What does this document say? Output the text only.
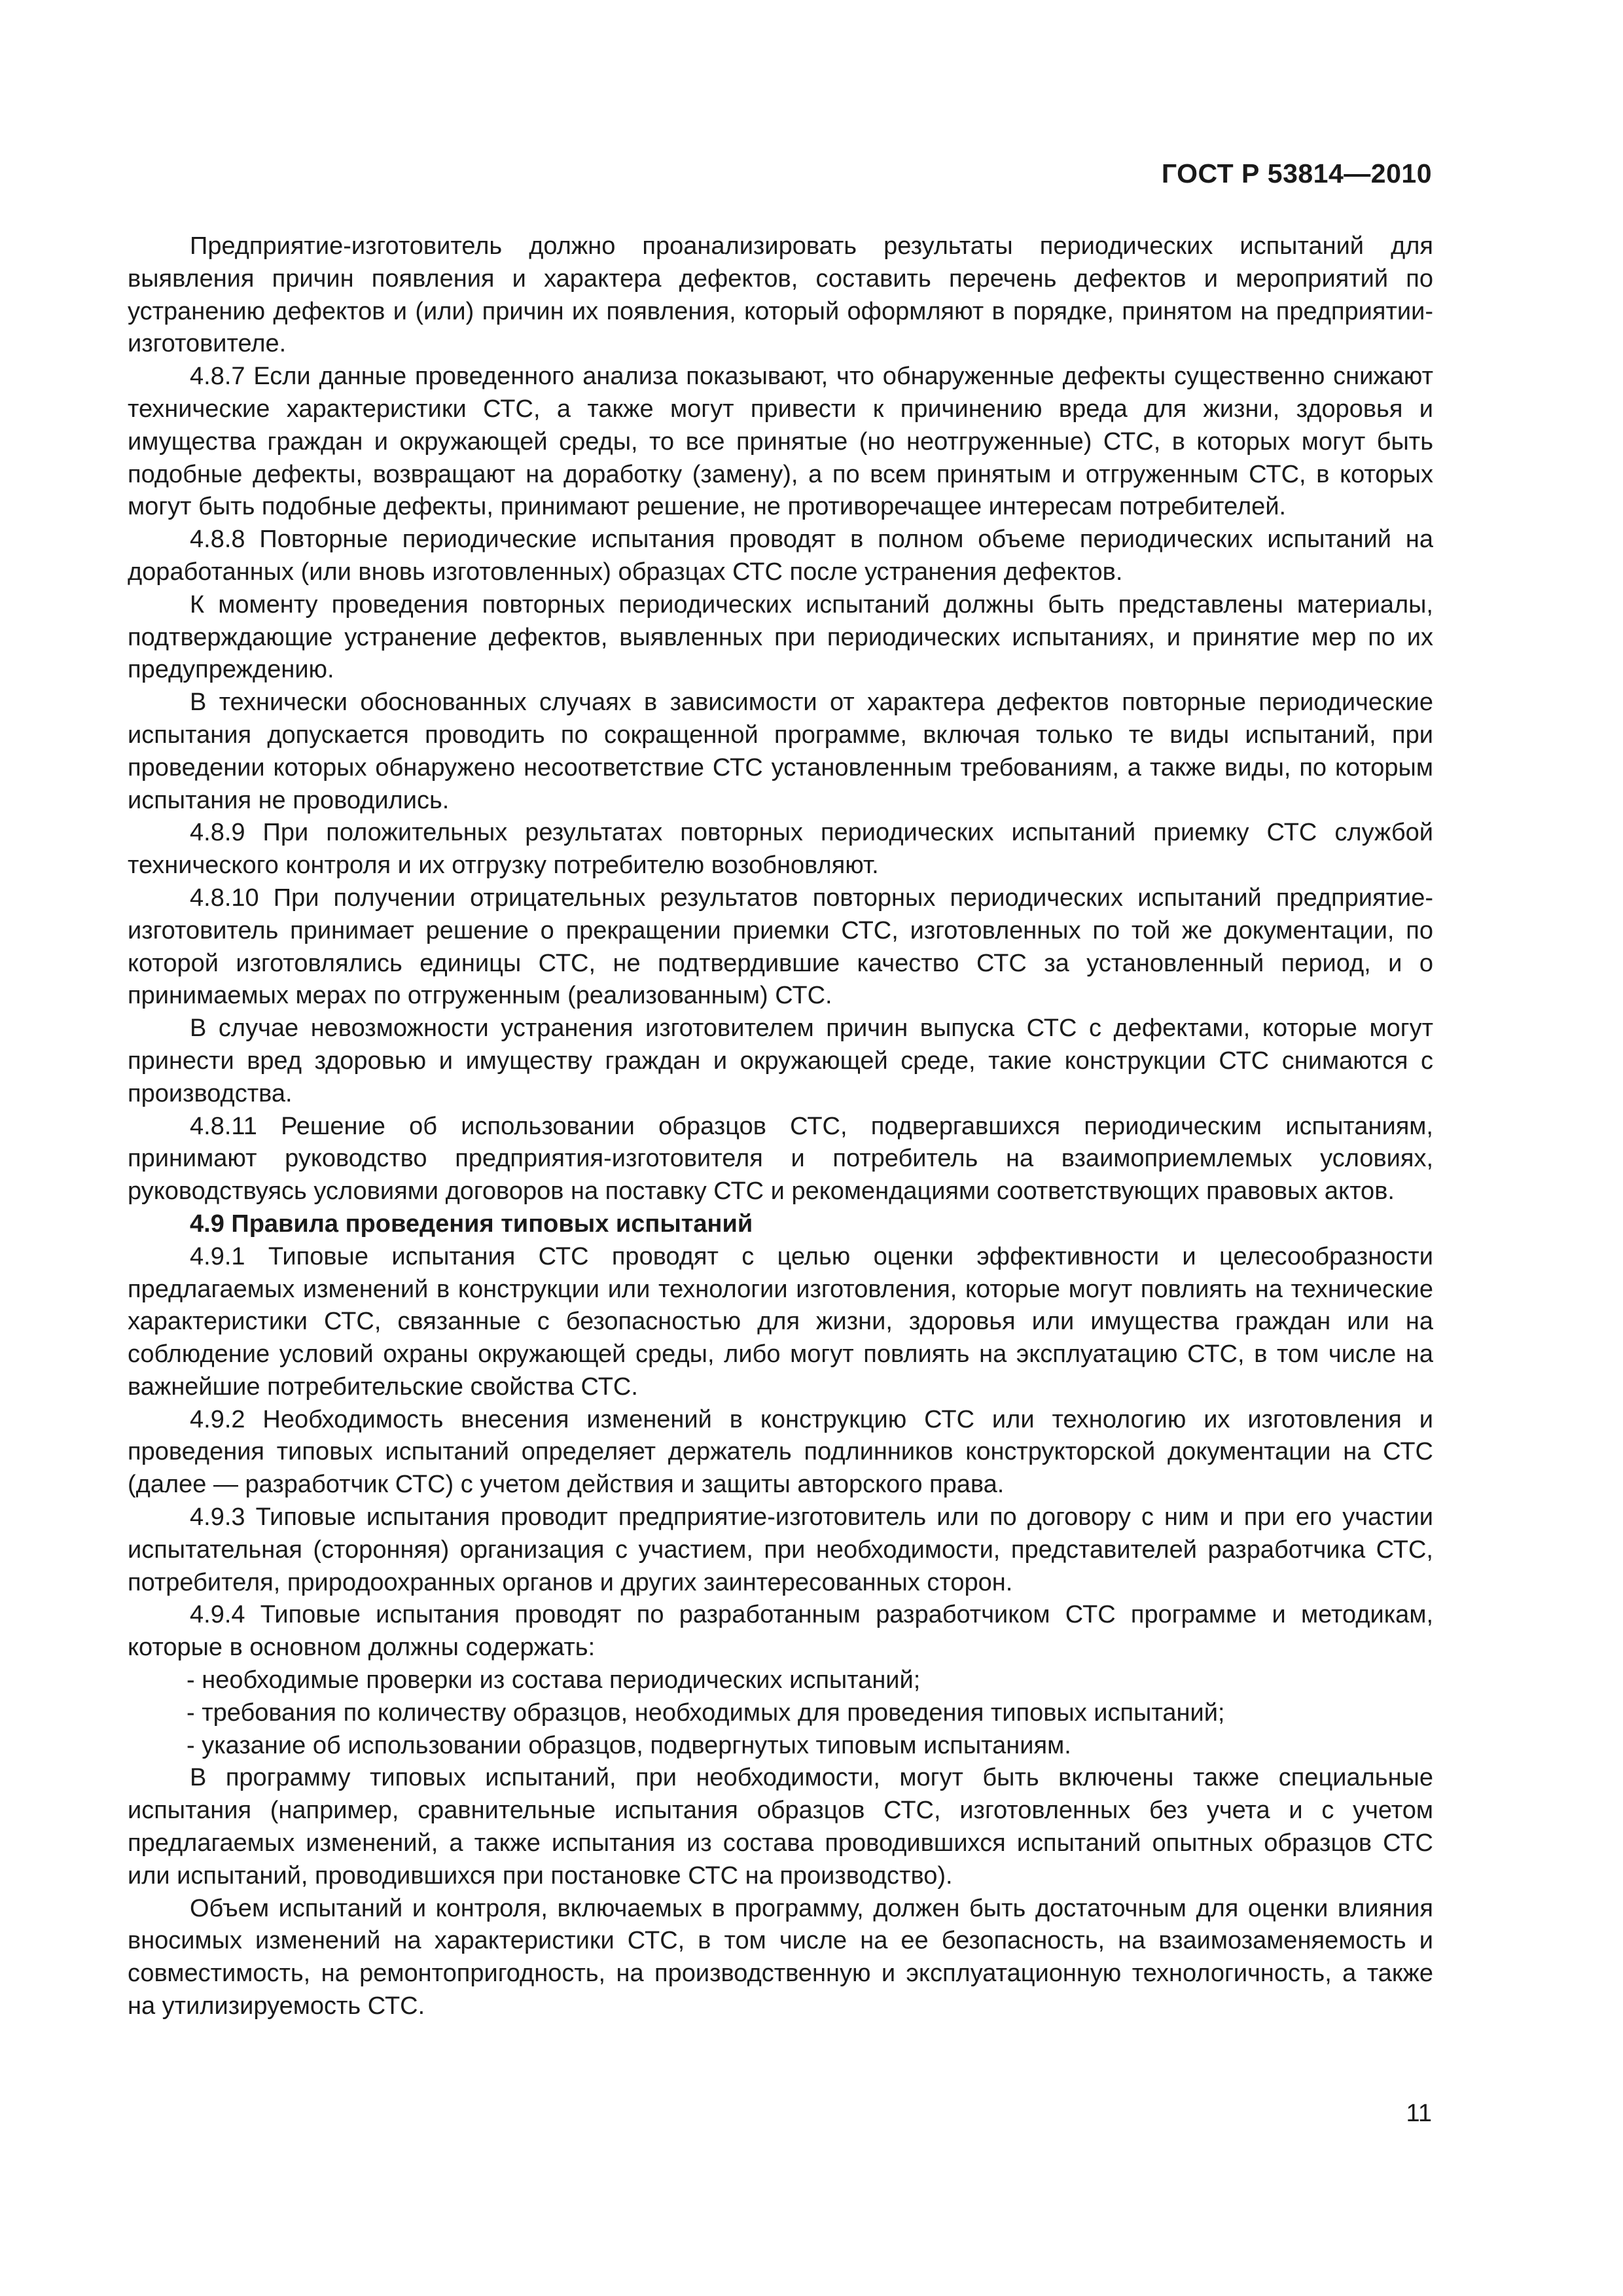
ГОСТ Р 53814—2010

Предприятие-изготовитель должно проанализировать результаты периодических испытаний для выявления причин появления и характера дефектов, составить перечень дефектов и мероприятий по устранению дефектов и (или) причин их появления, который оформляют в порядке, принятом на предприятии-изготовителе.

4.8.7 Если данные проведенного анализа показывают, что обнаруженные дефекты существенно снижают технические характеристики СТС, а также могут привести к причинению вреда для жизни, здоровья и имущества граждан и окружающей среды, то все принятые (но неотгруженные) СТС, в которых могут быть подобные дефекты, возвращают на доработку (замену), а по всем принятым и отгруженным СТС, в которых могут быть подобные дефекты, принимают решение, не противоречащее интересам потребителей.

4.8.8 Повторные периодические испытания проводят в полном объеме периодических испытаний на доработанных (или вновь изготовленных) образцах СТС после устранения дефектов.

К моменту проведения повторных периодических испытаний должны быть представлены материалы, подтверждающие устранение дефектов, выявленных при периодических испытаниях, и принятие мер по их предупреждению.

В технически обоснованных случаях в зависимости от характера дефектов повторные периодические испытания допускается проводить по сокращенной программе, включая только те виды испытаний, при проведении которых обнаружено несоответствие СТС установленным требованиям, а также виды, по которым испытания не проводились.

4.8.9 При положительных результатах повторных периодических испытаний приемку СТС службой технического контроля и их отгрузку потребителю возобновляют.

4.8.10 При получении отрицательных результатов повторных периодических испытаний предприятие-изготовитель принимает решение о прекращении приемки СТС, изготовленных по той же документации, по которой изготовлялись единицы СТС, не подтвердившие качество СТС за установленный период, и о принимаемых мерах по отгруженным (реализованным) СТС.

В случае невозможности устранения изготовителем причин выпуска СТС с дефектами, которые могут принести вред здоровью и имуществу граждан и окружающей среде, такие конструкции СТС снимаются с производства.

4.8.11 Решение об использовании образцов СТС, подвергавшихся периодическим испытаниям, принимают руководство предприятия-изготовителя и потребитель на взаимоприемлемых условиях, руководствуясь условиями договоров на поставку СТС и рекомендациями соответствующих правовых актов.

4.9 Правила проведения типовых испытаний

4.9.1 Типовые испытания СТС проводят с целью оценки эффективности и целесообразности предлагаемых изменений в конструкции или технологии изготовления, которые могут повлиять на технические характеристики СТС, связанные с безопасностью для жизни, здоровья или имущества граждан или на соблюдение условий охраны окружающей среды, либо могут повлиять на эксплуатацию СТС, в том числе на важнейшие потребительские свойства СТС.

4.9.2 Необходимость внесения изменений в конструкцию СТС или технологию их изготовления и проведения типовых испытаний определяет держатель подлинников конструкторской документации на СТС (далее — разработчик СТС) с учетом действия и защиты авторского права.

4.9.3 Типовые испытания проводит предприятие-изготовитель или по договору с ним и при его участии испытательная (сторонняя) организация с участием, при необходимости, представителей разработчика СТС, потребителя, природоохранных органов и других заинтересованных сторон.

4.9.4 Типовые испытания проводят по разработанным разработчиком СТС программе и методикам, которые в основном должны содержать:

- необходимые проверки из состава периодических испытаний;

- требования по количеству образцов, необходимых для проведения типовых испытаний;

- указание об использовании образцов, подвергнутых типовым испытаниям.

В программу типовых испытаний, при необходимости, могут быть включены также специальные испытания (например, сравнительные испытания образцов СТС, изготовленных без учета и с учетом предлагаемых изменений, а также испытания из состава проводившихся испытаний опытных образцов СТС или испытаний, проводившихся при постановке СТС на производство).

Объем испытаний и контроля, включаемых в программу, должен быть достаточным для оценки влияния вносимых изменений на характеристики СТС, в том числе на ее безопасность, на взаимозаменяемость и совместимость, на ремонтопригодность, на производственную и эксплуатационную технологичность, а также на утилизируемость СТС.

11
